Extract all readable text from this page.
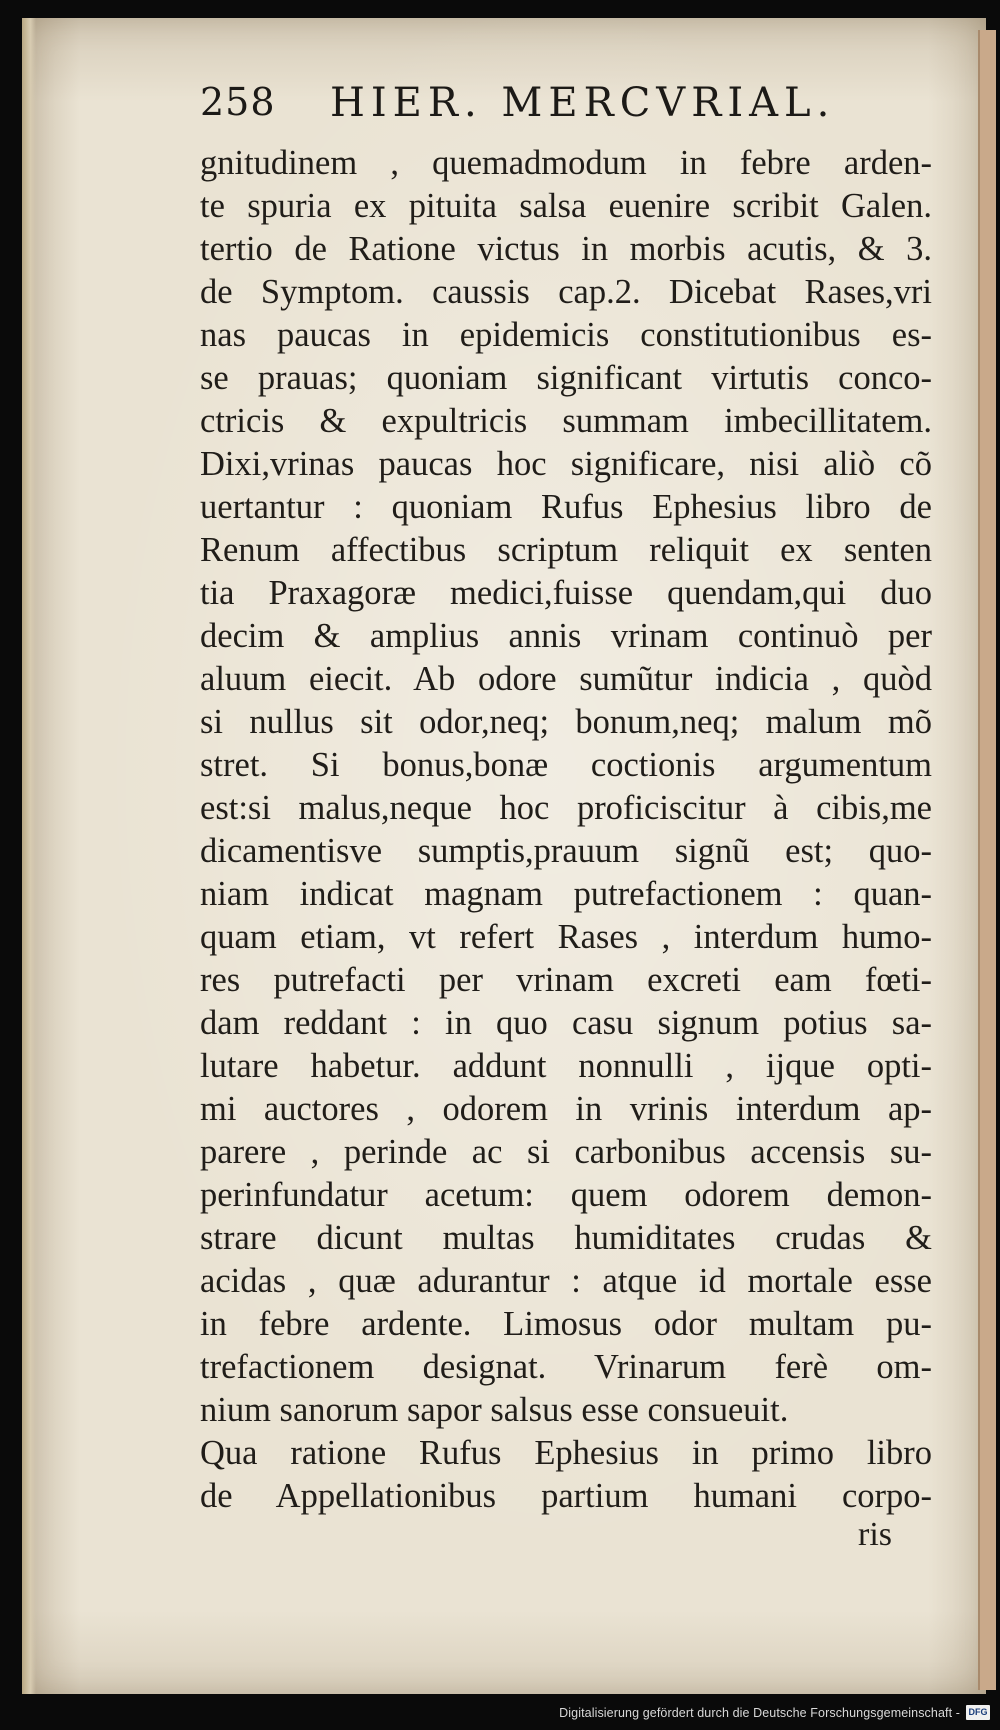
258 HIER. MERCVRIAL.
gnitudinem , quemadmodum in febre arden-
te spuria ex pituita salsa euenire scribit Galen.
tertio de Ratione victus in morbis acutis, & 3.
de Symptom. caussis cap.2. Dicebat Rases,vri
nas paucas in epidemicis constitutionibus es-
se prauas; quoniam significant virtutis conco-
ctricis & expultricis summam imbecillitatem.
Dixi,vrinas paucas hoc significare, nisi aliò cõ
uertantur : quoniam Rufus Ephesius libro de
Renum affectibus scriptum reliquit ex senten
tia Praxagoræ medici,fuisse quendam,qui duo
decim & amplius annis vrinam continuò per
aluum eiecit. Ab odore sumũtur indicia , quòd
si nullus sit odor,neq; bonum,neq; malum mõ
stret. Si bonus,bonæ coctionis argumentum
est:si malus,neque hoc proficiscitur à cibis,me
dicamentisve sumptis,prauum signũ est; quo-
niam indicat magnam putrefactionem : quan-
quam etiam, vt refert Rases , interdum humo-
res putrefacti per vrinam excreti eam fœti-
dam reddant : in quo casu signum potius sa-
lutare habetur. addunt nonnulli , ijque opti-
mi auctores , odorem in vrinis interdum ap-
parere , perinde ac si carbonibus accensis su-
perinfundatur acetum: quem odorem demon-
strare dicunt multas humiditates crudas &
acidas , quæ adurantur : atque id mortale esse
in febre ardente. Limosus odor multam pu-
trefactionem designat. Vrinarum ferè om-
nium sanorum sapor salsus esse consueuit.
Qua ratione Rufus Ephesius in primo libro
de Appellationibus partium humani corpo-
ris
Digitalisierung gefördert durch die Deutsche Forschungsgemeinschaft - DFG
